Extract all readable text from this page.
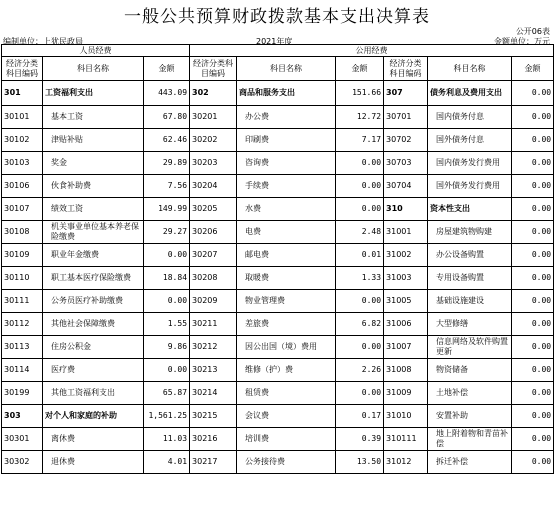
一般公共预算财政拨款基本支出决算表
公开06表
编制单位：上犹民政局	2021年度	金额单位：万元
人员经费			公用经费					
经济分类科目编码	科目名称	金额	经济分类科目编码	科目名称	金额	经济分类科目编码	科目名称	金额
301	工资福利支出	443.09	302	商品和服务支出	151.66	307	债务利息及费用支出	0.00
30101	基本工资	67.80	30201	办公费	12.72	30701	国内债务付息	0.00
30102	津贴补贴	62.46	30202	印刷费	7.17	30702	国外债务付息	0.00
30103	奖金	29.89	30203	咨询费	0.00	30703	国内债务发行费用	0.00
30106	伙食补助费	7.56	30204	手续费	0.00	30704	国外债务发行费用	0.00
30107	绩效工资	149.99	30205	水费	0.00	310	资本性支出	0.00
30108	机关事业单位基本养老保险缴费	29.27	30206	电费	2.48	31001	房屋建筑物购建	0.00
30109	职业年金缴费	0.00	30207	邮电费	0.01	31002	办公设备购置	0.00
30110	职工基本医疗保险缴费	18.84	30208	取暖费	1.33	31003	专用设备购置	0.00
30111	公务员医疗补助缴费	0.00	30209	物业管理费	0.00	31005	基础设施建设	0.00
30112	其他社会保障缴费	1.55	30211	差旅费	6.82	31006	大型修缮	0.00
30113	住房公积金	9.86	30212	因公出国（境）费用	0.00	31007	信息网络及软件购置更新	0.00
30114	医疗费	0.00	30213	维修（护）费	2.26	31008	物资储备	0.00
30199	其他工资福利支出	65.87	30214	租赁费	0.00	31009	土地补偿	0.00
303	对个人和家庭的补助	1,561.25	30215	会议费	0.17	31010	安置补助	0.00
30301	离休费	11.03	30216	培训费	0.39	310111	地上附着物和青苗补偿	0.00
30302	退休费	4.01	30217	公务接待费	13.50	31012	拆迁补偿	0.00
